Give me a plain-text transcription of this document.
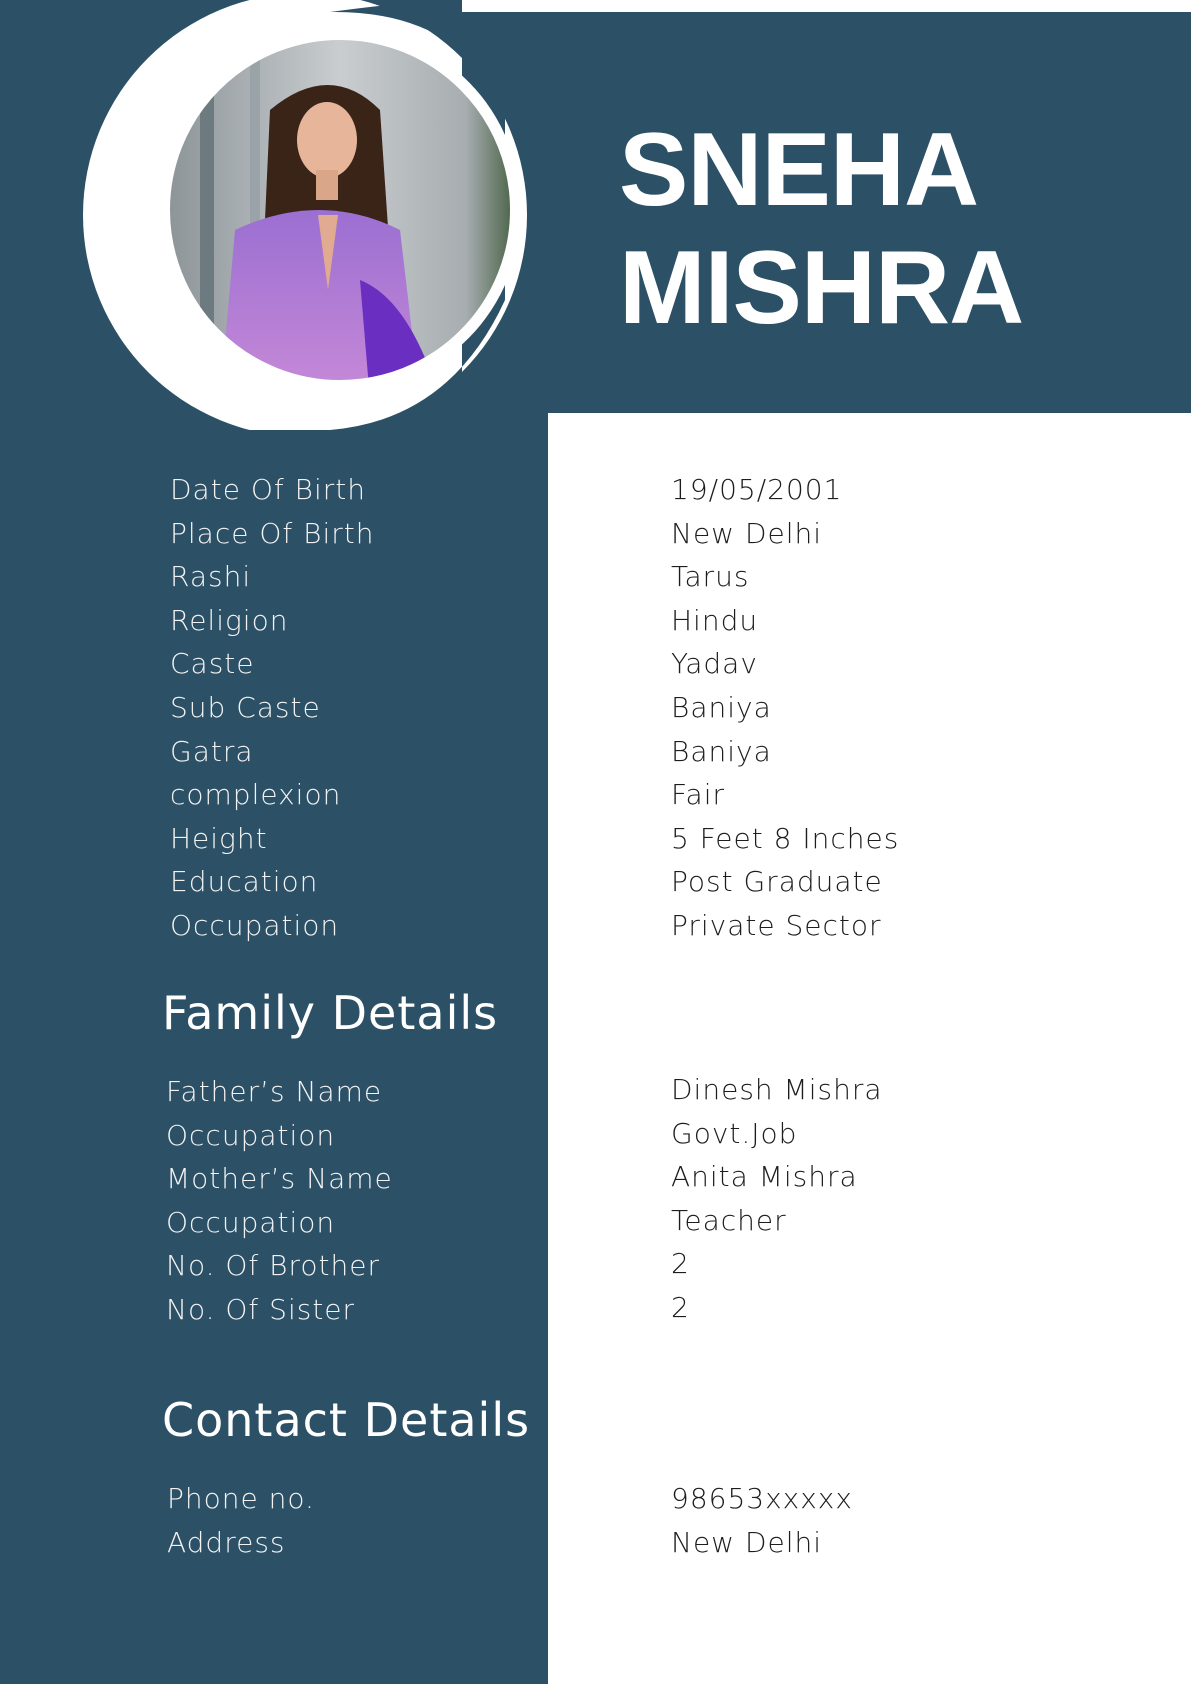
SNEHA
MISHRA
Family Details
Contact Details
Date Of Birth	19/05/2001
Place Of Birth	New Delhi
Rashi	Tarus
Religion	Hindu
Caste	Yadav
Sub Caste	Baniya
Gatra	Baniya
complexion	Fair
Height	5 Feet 8 Inches
Education	Post Graduate
Occupation	Private Sector
Father’s Name	Dinesh Mishra
Occupation	Govt.Job
Mother’s Name	Anita Mishra
Occupation	Teacher
No. Of Brother	2
No. Of Sister	2
Phone no.	98653xxxxx
Address	New Delhi
